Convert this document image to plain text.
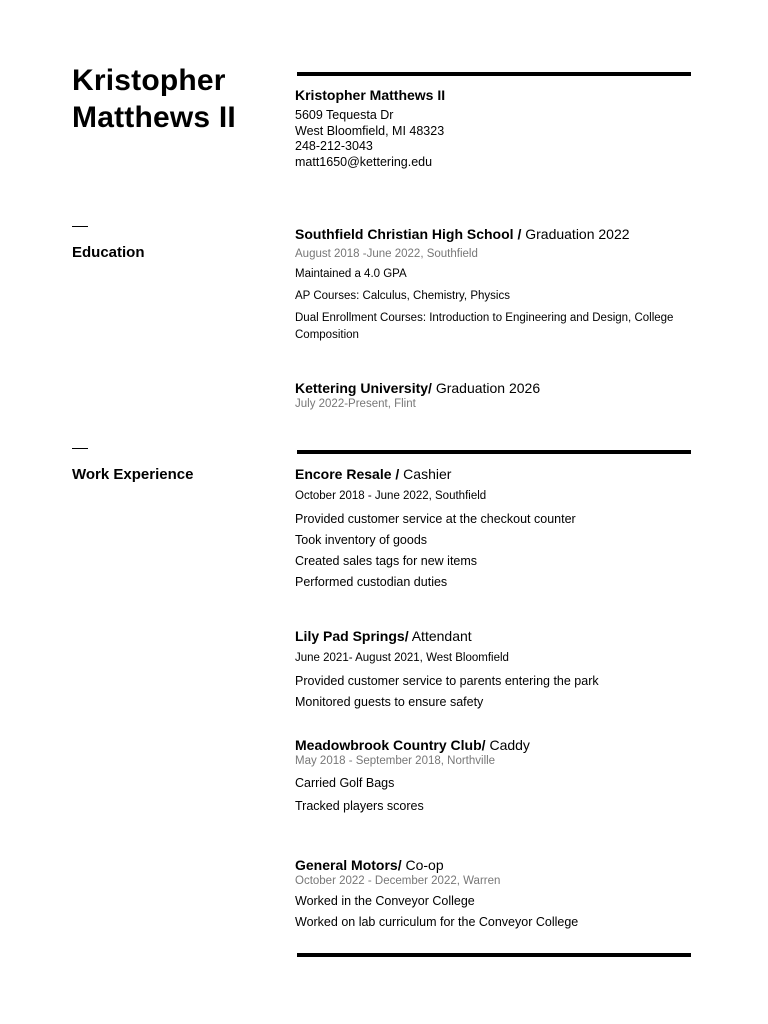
Kristopher
Matthews II
Kristopher Matthews II
5609 Tequesta Dr
West Bloomfield, MI 48323
248-212-3043
matt1650@kettering.edu
Education
Southfield Christian High School / Graduation 2022
August 2018 -June 2022, Southfield
Maintained a 4.0 GPA
AP Courses: Calculus, Chemistry, Physics
Dual Enrollment Courses: Introduction to Engineering and Design, College Composition
Kettering University/ Graduation 2026
July 2022-Present, Flint
Work Experience	Encore Resale / Cashier
October 2018 - June 2022, Southfield
Provided customer service at the checkout counter
Took inventory of goods
Created sales tags for new items
Performed custodian duties
Lily Pad Springs/ Attendant
June 2021- August 2021, West Bloomfield
Provided customer service to parents entering the park
Monitored guests to ensure safety
Meadowbrook Country Club/ Caddy
May 2018 - September 2018, Northville
Carried Golf Bags
Tracked players scores
General Motors/ Co-op
October 2022 - December 2022, Warren
Worked in the Conveyor College
Worked on lab curriculum for the Conveyor College
